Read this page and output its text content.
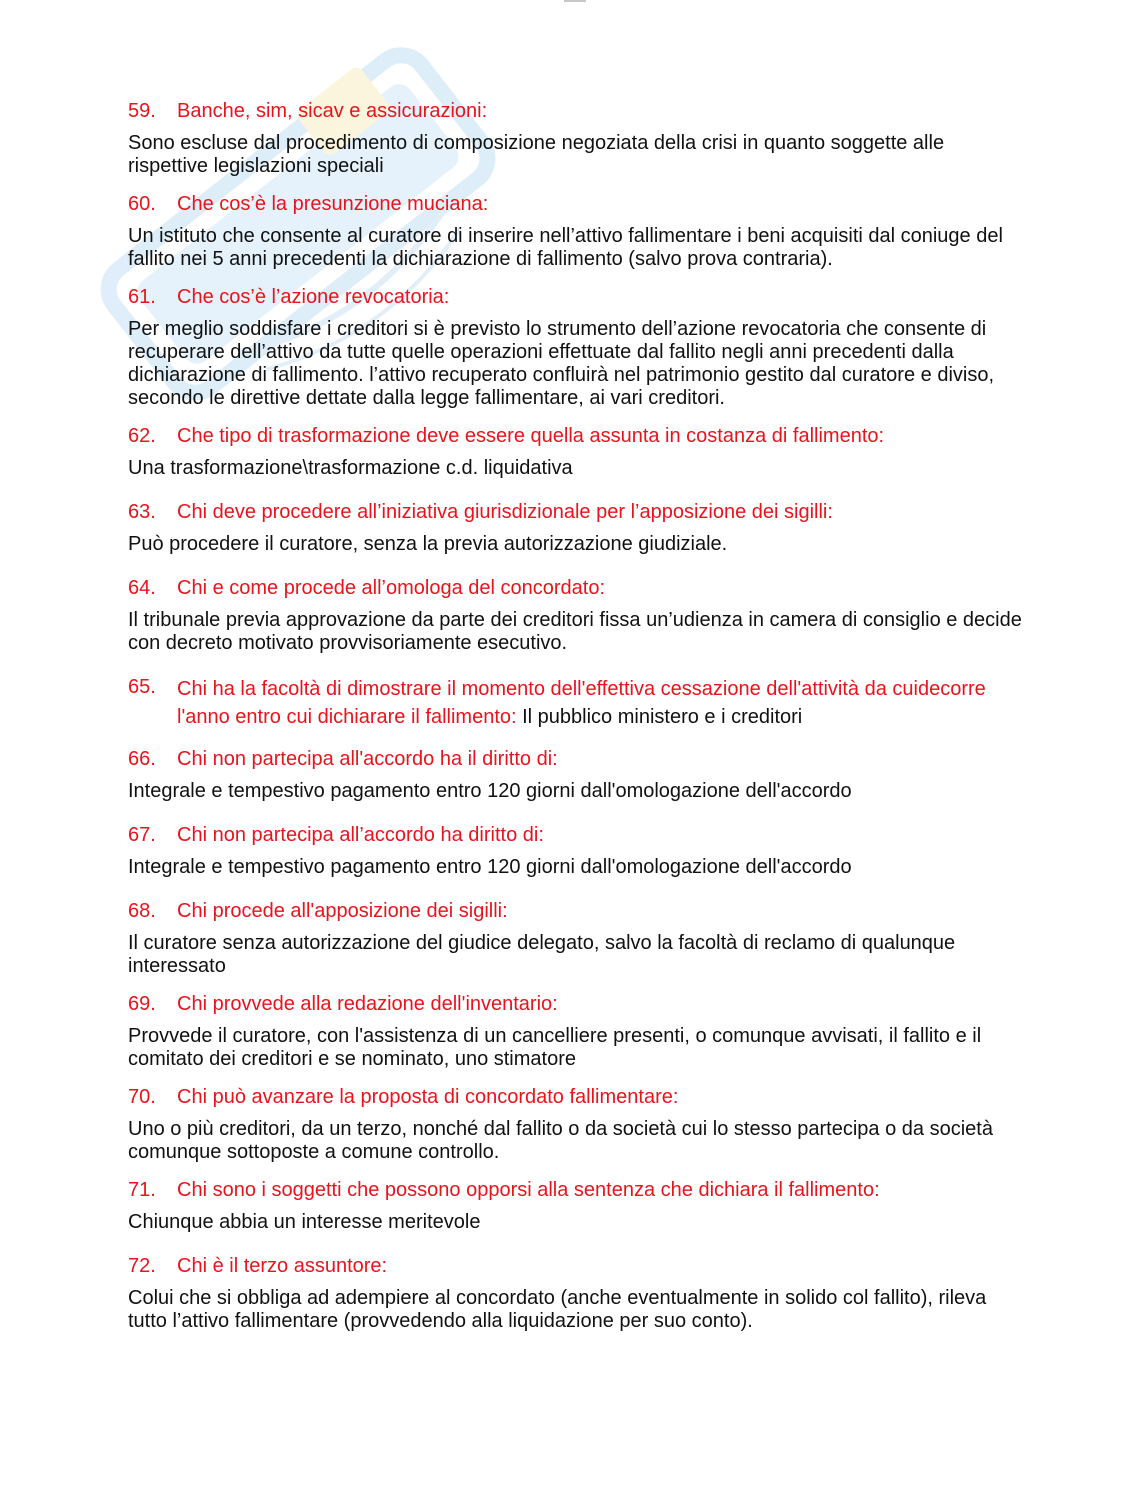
59.	Banche, sim, sicav e assicurazioni:
Sono escluse dal procedimento di composizione negoziata della crisi in quanto soggette alle rispettive legislazioni speciali
60.	Che cos’è la presunzione muciana:
Un istituto che consente al curatore di inserire nell’attivo fallimentare i beni acquisiti dal coniuge del fallito nei 5 anni precedenti la dichiarazione di fallimento (salvo prova contraria).
61.	Che cos’è l’azione revocatoria:
Per meglio soddisfare i creditori si è previsto lo strumento dell’azione revocatoria che consente di recuperare dell’attivo da tutte quelle operazioni effettuate dal fallito negli anni precedenti dalla dichiarazione di fallimento. l’attivo recuperato confluirà nel patrimonio gestito dal curatore e diviso, secondo le direttive dettate dalla legge fallimentare, ai vari creditori.
62.	Che tipo di trasformazione deve essere quella assunta in costanza di fallimento:
Una trasformazione\trasformazione c.d. liquidativa
63.	Chi deve procedere all’iniziativa giurisdizionale per l’apposizione dei sigilli:
Può procedere il curatore, senza la previa autorizzazione giudiziale.
64.	Chi e come procede all’omologa del concordato:
Il tribunale previa approvazione da parte dei creditori fissa un’udienza in camera di consiglio e decide con decreto motivato provvisoriamente esecutivo.
65.	Chi ha la facoltà di dimostrare il momento dell'effettiva cessazione dell'attività da cuidecorre l'anno entro cui dichiarare il fallimento: Il pubblico ministero e i creditori
66.	Chi non partecipa all'accordo ha il diritto di:
Integrale e tempestivo pagamento entro 120 giorni dall'omologazione dell'accordo
67.	Chi non partecipa all’accordo ha diritto di:
Integrale e tempestivo pagamento entro 120 giorni dall'omologazione dell'accordo
68.	Chi procede all'apposizione dei sigilli:
Il curatore senza autorizzazione del giudice delegato, salvo la facoltà di reclamo di qualunque interessato
69.	Chi provvede alla redazione dell'inventario:
Provvede il curatore, con l'assistenza di un cancelliere presenti, o comunque avvisati, il fallito e il comitato dei creditori e se nominato, uno stimatore
70.	Chi può avanzare la proposta di concordato fallimentare:
Uno o più creditori, da un terzo, nonché dal fallito o da società cui lo stesso partecipa o da società comunque sottoposte a comune controllo.
71.	Chi sono i soggetti che possono opporsi alla sentenza che dichiara il fallimento:
Chiunque abbia un interesse meritevole
72.	Chi è il terzo assuntore:
Colui che si obbliga ad adempiere al concordato (anche eventualmente in solido col fallito), rileva tutto l’attivo fallimentare (provvedendo alla liquidazione per suo conto).
